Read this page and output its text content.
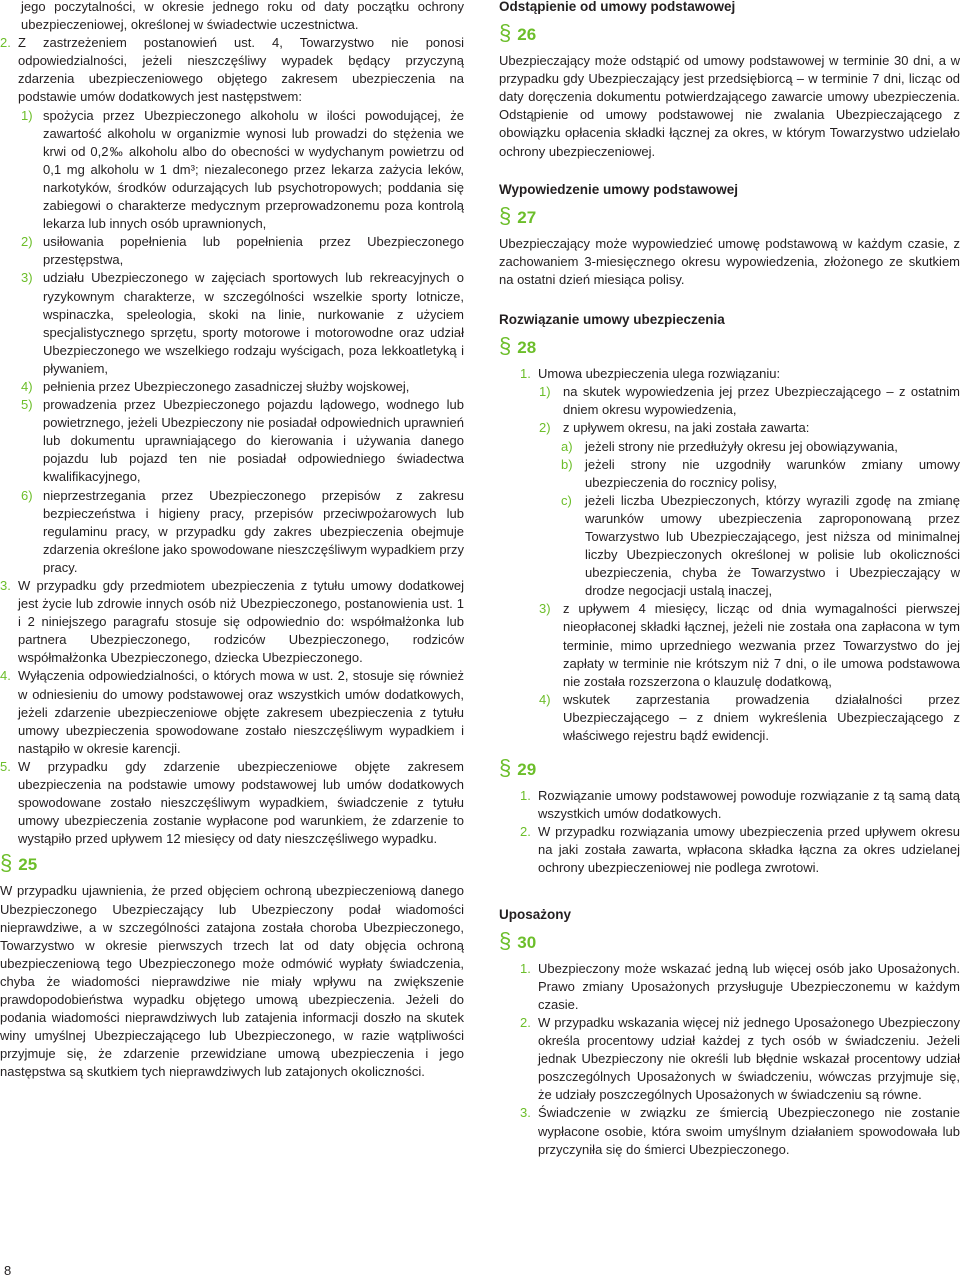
jego poczytalności, w okresie jednego roku od daty początku ochrony ubezpieczeniowej, określonej w świadectwie uczestnictwa.

2. Z zastrzeżeniem postanowień ust. 4, Towarzystwo nie ponosi odpowiedzialności, jeżeli nieszczęśliwy wypadek będący przyczyną zdarzenia ubezpieczeniowego objętego zakresem ubezpieczenia na podstawie umów dodatkowych jest następstwem:
1) spożycia przez Ubezpieczonego alkoholu w ilości powodującej, że zawartość alkoholu w organizmie wynosi lub prowadzi do stężenia we krwi od 0,2‰ alkoholu albo do obecności w wydychanym powietrzu od 0,1 mg alkoholu w 1 dm³; niezaleconego przez lekarza zażycia leków, narkotyków, środków odurzających lub psychotropowych; poddania się zabiegowi o charakterze medycznym przeprowadzonemu poza kontrolą lekarza lub innych osób uprawnionych,
2) usiłowania popełnienia lub popełnienia przez Ubezpieczonego przestępstwa,
3) udziału Ubezpieczonego w zajęciach sportowych lub rekreacyjnych o ryzykownym charakterze, w szczególności wszelkie sporty lotnicze, wspinaczka, speleologia, skoki na linie, nurkowanie z użyciem specjalistycznego sprzętu, sporty motorowe i motorowodne oraz udział Ubezpieczonego we wszelkiego rodzaju wyścigach, poza lekkoatletyką i pływaniem,
4) pełnienia przez Ubezpieczonego zasadniczej służby wojskowej,
5) prowadzenia przez Ubezpieczonego pojazdu lądowego, wodnego lub powietrznego, jeżeli Ubezpieczony nie posiadał odpowiednich uprawnień lub dokumentu uprawniającego do kierowania i używania danego pojazdu lub pojazd ten nie posiadał odpowiedniego świadectwa kwalifikacyjnego,
6) nieprzestrzegania przez Ubezpieczonego przepisów z zakresu bezpieczeństwa i higieny pracy, przepisów przeciwpożarowych lub regulaminu pracy, w przypadku gdy zakres ubezpieczenia obejmuje zdarzenia określone jako spowodowane nieszczęśliwym wypadkiem przy pracy.
3. W przypadku gdy przedmiotem ubezpieczenia z tytułu umowy dodatkowej jest życie lub zdrowie innych osób niż Ubezpieczonego, postanowienia ust. 1 i 2 niniejszego paragrafu stosuje się odpowiednio do: współmałżonka lub partnera Ubezpieczonego, rodziców Ubezpieczonego, rodziców współmałżonka Ubezpieczonego, dziecka Ubezpieczonego.
4. Wyłączenia odpowiedzialności, o których mowa w ust. 2, stosuje się również w odniesieniu do umowy podstawowej oraz wszystkich umów dodatkowych, jeżeli zdarzenie ubezpieczeniowe objęte zakresem ubezpieczenia z tytułu umowy ubezpieczenia spowodowane zostało nieszczęśliwym wypadkiem i nastąpiło w okresie karencji.
5. W przypadku gdy zdarzenie ubezpieczeniowe objęte zakresem ubezpieczenia na podstawie umowy podstawowej lub umów dodatkowych spowodowane zostało nieszczęśliwym wypadkiem, świadczenie z tytułu umowy ubezpieczenia zostanie wypłacone pod warunkiem, że zdarzenie to wystąpiło przed upływem 12 miesięcy od daty nieszczęśliwego wypadku.
§ 25

W przypadku ujawnienia, że przed objęciem ochroną ubezpieczeniową danego Ubezpieczonego Ubezpieczający lub Ubezpieczony podał wiadomości nieprawdziwe, a w szczególności zatajona została choroba Ubezpieczonego, Towarzystwo w okresie pierwszych trzech lat od daty objęcia ochroną ubezpieczeniową tego Ubezpieczonego może odmówić wypłaty świadczenia, chyba że wiadomości nieprawdziwe nie miały wpływu na zwiększenie prawdopodobieństwa wypadku objętego umową ubezpieczenia. Jeżeli do podania wiadomości nieprawdziwych lub zatajenia informacji doszło na skutek winy umyślnej Ubezpieczającego lub Ubezpieczonego, w razie wątpliwości przyjmuje się, że zdarzenie przewidziane umową ubezpieczenia i jego następstwa są skutkiem tych nieprawdziwych lub zatajonych okoliczności.

Odstąpienie od umowy podstawowej

§ 26

Ubezpieczający może odstąpić od umowy podstawowej w terminie 30 dni, a w przypadku gdy Ubezpieczający jest przedsiębiorcą – w terminie 7 dni, licząc od daty doręczenia dokumentu potwierdzającego zawarcie umowy ubezpieczenia. Odstąpienie od umowy podstawowej nie zwalania Ubezpieczającego z obowiązku opłacenia składki łącznej za okres, w którym Towarzystwo udzielało ochrony ubezpieczeniowej.

Wypowiedzenie umowy podstawowej

§ 27

Ubezpieczający może wypowiedzieć umowę podstawową w każdym czasie, z zachowaniem 3-miesięcznego okresu wypowiedzenia, złożonego ze skutkiem na ostatni dzień miesiąca polisy.

Rozwiązanie umowy ubezpieczenia

§ 28
1. Umowa ubezpieczenia ulega rozwiązaniu:
1) na skutek wypowiedzenia jej przez Ubezpieczającego – z ostatnim dniem okresu wypowiedzenia,
2) z upływem okresu, na jaki została zawarta:
a) jeżeli strony nie przedłużyły okresu jej obowiązywania,
b) jeżeli strony nie uzgodniły warunków zmiany umowy ubezpieczenia do rocznicy polisy,
c)	jeżeli liczba Ubezpieczonych, którzy wyrazili zgodę na zmianę warunków umowy ubezpieczenia zaproponowaną przez Towarzystwo lub Ubezpieczającego, jest niższa od minimalnej liczby Ubezpieczonych określonej w polisie lub okoliczności ubezpieczenia, chyba że Towarzystwo i Ubezpieczający w drodze negocjacji ustalą inaczej,
3) z upływem 4 miesięcy, licząc od dnia wymagalności pierwszej nieopłaconej składki łącznej, jeżeli nie została ona zapłacona w tym terminie, mimo uprzedniego wezwania przez Towarzystwo do jej zapłaty w terminie nie krótszym niż 7 dni, o ile umowa podstawowa nie została rozszerzona o klauzulę dodatkową,
4) wskutek zaprzestania prowadzenia działalności przez Ubezpieczającego – z dniem wykreślenia Ubezpieczającego z właściwego rejestru bądź ewidencji.
§ 29
1. Rozwiązanie umowy podstawowej powoduje rozwiązanie z tą samą datą wszystkich umów dodatkowych.
2. W przypadku rozwiązania umowy ubezpieczenia przed upływem okresu na jaki została zawarta, wpłacona składka łączna za okres udzielanej ochrony ubezpieczeniowej nie podlega zwrotowi.

Uposażony

§ 30
1. Ubezpieczony może wskazać jedną lub więcej osób jako Uposażonych. Prawo zmiany Uposażonych przysługuje Ubezpieczonemu w każdym czasie.
2. W przypadku wskazania więcej niż jednego Uposażonego Ubezpieczony określa procentowy udział każdej z tych osób w świadczeniu. Jeżeli jednak Ubezpieczony nie określi lub błędnie wskazał procentowy udział poszczególnych Uposażonych w świadczeniu, wówczas przyjmuje się, że udziały poszczególnych Uposażonych w świadczeniu są równe.
3. Świadczenie w związku ze śmiercią Ubezpieczonego nie zostanie wypłacone osobie, która swoim umyślnym działaniem spowodowała lub przyczyniła się do śmierci Ubezpieczonego.
8
